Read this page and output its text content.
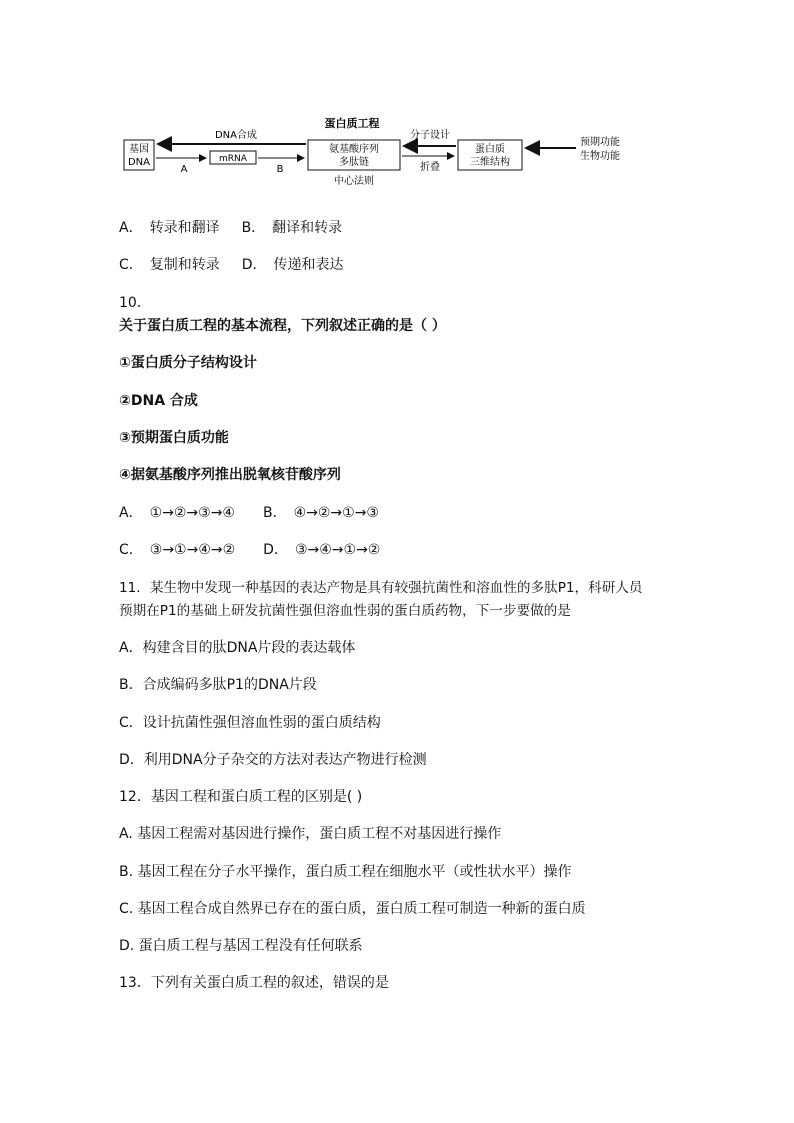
蛋白质工程
基因
DNA
DNA合成
A
mRNA
B
氨基酸序列
多肽链
中心法则
分子设计
折叠
蛋白质
三维结构
预期功能
生物功能
A．　转录和翻译 B．　翻译和转录
C．　复制和转录 D．　传递和表达
10．
关于蛋白质工程的基本流程，下列叙述正确的是（ ）
①蛋白质分子结构设计
②DNA 合成
③预期蛋白质功能
④据氨基酸序列推出脱氧核苷酸序列
A．　①→②→③→④ B．　④→②→①→③
C．　③→①→④→② D．　③→④→①→②
11．某生物中发现一种基因的表达产物是具有较强抗菌性和溶血性的多肽P1，科研人员
预期在P1的基础上研发抗菌性强但溶血性弱的蛋白质药物，下一步要做的是
A．构建含目的肽DNA片段的表达载体
B．合成编码多肽P1的DNA片段
C．设计抗菌性强但溶血性弱的蛋白质结构
D．利用DNA分子杂交的方法对表达产物进行检测
12．基因工程和蛋白质工程的区别是( )
A. 基因工程需对基因进行操作，蛋白质工程不对基因进行操作
B. 基因工程在分子水平操作，蛋白质工程在细胞水平（或性状水平）操作
C. 基因工程合成自然界已存在的蛋白质，蛋白质工程可制造一种新的蛋白质
D. 蛋白质工程与基因工程没有任何联系
13．下列有关蛋白质工程的叙述，错误的是
